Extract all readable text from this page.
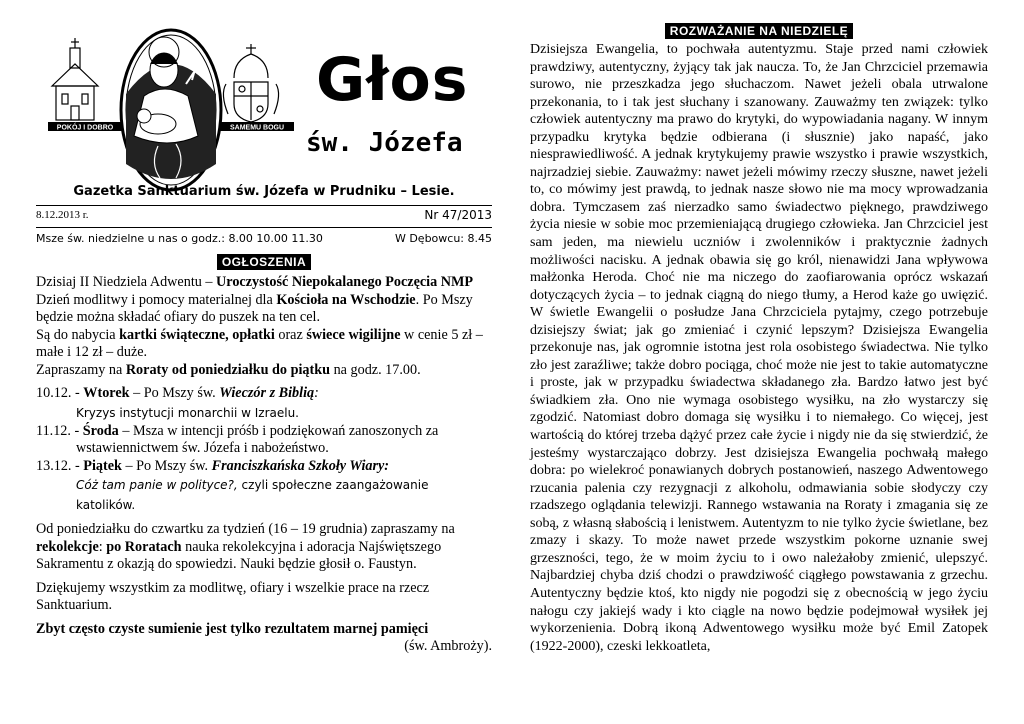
POKÓJ I DOBRO	SAMEMU BOGU
Głos
św. Józefa
Gazetka Sanktuarium św. Józefa w Prudniku – Lesie.
8.12.2013 r.	Nr 47/2013
Msze św. niedzielne u nas o godz.: 8.00 10.00 11.30	W Dębowcu: 8.45
OGŁOSZENIA

Dzisiaj II Niedziela Adwentu – Uroczystość Niepokalanego Poczęcia NMP

Dzień modlitwy i pomocy materialnej dla Kościoła na Wschodzie. Po Mszy będzie można składać ofiary do puszek na ten cel.

Są do nabycia kartki świąteczne, opłatki oraz świece wigilijne w cenie 5 zł – małe i 12 zł – duże.

Zapraszamy na Roraty od poniedziałku do piątku na godz. 17.00.

10.12. - Wtorek – Po Mszy św. Wieczór z Biblią:

Kryzys instytucji monarchii w Izraelu.

11.12. - Środa – Msza w intencji próśb i podziękowań zanoszonych za

wstawiennictwem św. Józefa i nabożeństwo.

13.12. - Piątek – Po Mszy św. Franciszkańska Szkoły Wiary:

Cóż tam panie w polityce?, czyli społeczne zaangażowanie
katolików.

Od poniedziałku do czwartku za tydzień (16 – 19 grudnia) zapraszamy na rekolekcje: po Roratach nauka rekolekcyjna i adoracja Najświętszego Sakramentu z okazją do spowiedzi. Nauki będzie głosił o. Faustyn.

Dziękujemy wszystkim za modlitwę, ofiary i wszelkie prace na rzecz Sanktuarium.

Zbyt często czyste sumienie jest tylko rezultatem marnej pamięci

(św. Ambroży).

ROZWAŻANIE NA NIEDZIELĘ
Dzisiejsza Ewangelia, to pochwała autentyzmu. Staje przed nami człowiek prawdziwy, autentyczny, żyjący tak jak naucza. To, że Jan Chrzciciel przemawia surowo, nie przeszkadza jego słuchaczom. Nawet jeżeli obala utrwalone przekonania, to i tak jest słuchany i szanowany. Zauważmy ten związek: tylko człowiek autentyczny ma prawo do krytyki, do wypowiadania nagany. W innym przypadku krytyka będzie odbierana (i słusznie) jako napaść, jako niesprawiedliwość. A jednak krytykujemy prawie wszystko i prawie wszystkich, najrzadziej siebie. Zauważmy: nawet jeżeli mówimy rzeczy słuszne, nawet jeżeli to, co mówimy jest prawdą, to jednak nasze słowo nie ma mocy wprowadzania dobra. Tymczasem zaś nierzadko samo świadectwo pięknego, prawdziwego życia niesie w sobie moc przemieniającą drugiego człowieka. Jan Chrzciciel jest sam jeden, ma niewielu uczniów i zwolenników i praktycznie żadnych możliwości nacisku. A jednak obawia się go król, nienawidzi Jana wpływowa małżonka Heroda. Choć nie ma niczego do zaofiarowania oprócz wskazań dotyczących życia – to jednak ciągną do niego tłumy, a Herod każe go uwięzić. W świetle Ewangelii o posłudze Jana Chrzciciela pytajmy, czego potrzebuje dzisiejszy świat; jak go zmieniać i czynić lepszym? Dzisiejsza Ewangelia przekonuje nas, jak ogromnie istotna jest rola osobistego świadectwa. Nie tylko zło jest zaraźliwe; także dobro pociąga, choć może nie jest to takie automatyczne i proste, jak w przypadku świadectwa składanego zła. Bardzo łatwo jest być świadkiem zła. Ono nie wymaga osobistego wysiłku, na zło wystarczy się zgodzić. Natomiast dobro domaga się wysiłku i to niemałego. Co więcej, jest wartością do której trzeba dążyć przez całe życie i nigdy nie da się stwierdzić, że jesteśmy wystarczająco dobrzy. Jest dzisiejsza Ewangelia pochwałą małego dobra: po wielekroć ponawianych dobrych postanowień, naszego Adwentowego rzucania palenia czy rezygnacji z alkoholu, odmawiania sobie słodyczy czy rzadszego oglądania telewizji. Rannego wstawania na Roraty i zmagania się ze sobą, z własną słabością i lenistwem. Autentyzm to nie tylko życie świetlane, bez zmazy i skazy. To może nawet przede wszystkim pokorne uznanie swej grzeszności, tego, że w moim życiu to i owo należałoby zmienić, ulepszyć. Najbardziej chyba dziś chodzi o prawdziwość ciągłego powstawania z grzechu. Autentyczny będzie ktoś, kto nigdy nie pogodzi się z obecnością w jego życiu nałogu czy jakiejś wady i kto ciągle na nowo będzie podejmował wysiłek jej wykorzenienia. Dobrą ikoną Adwentowego wysiłku może być Emil Zatopek (1922-2000), czeski lekkoatleta,
